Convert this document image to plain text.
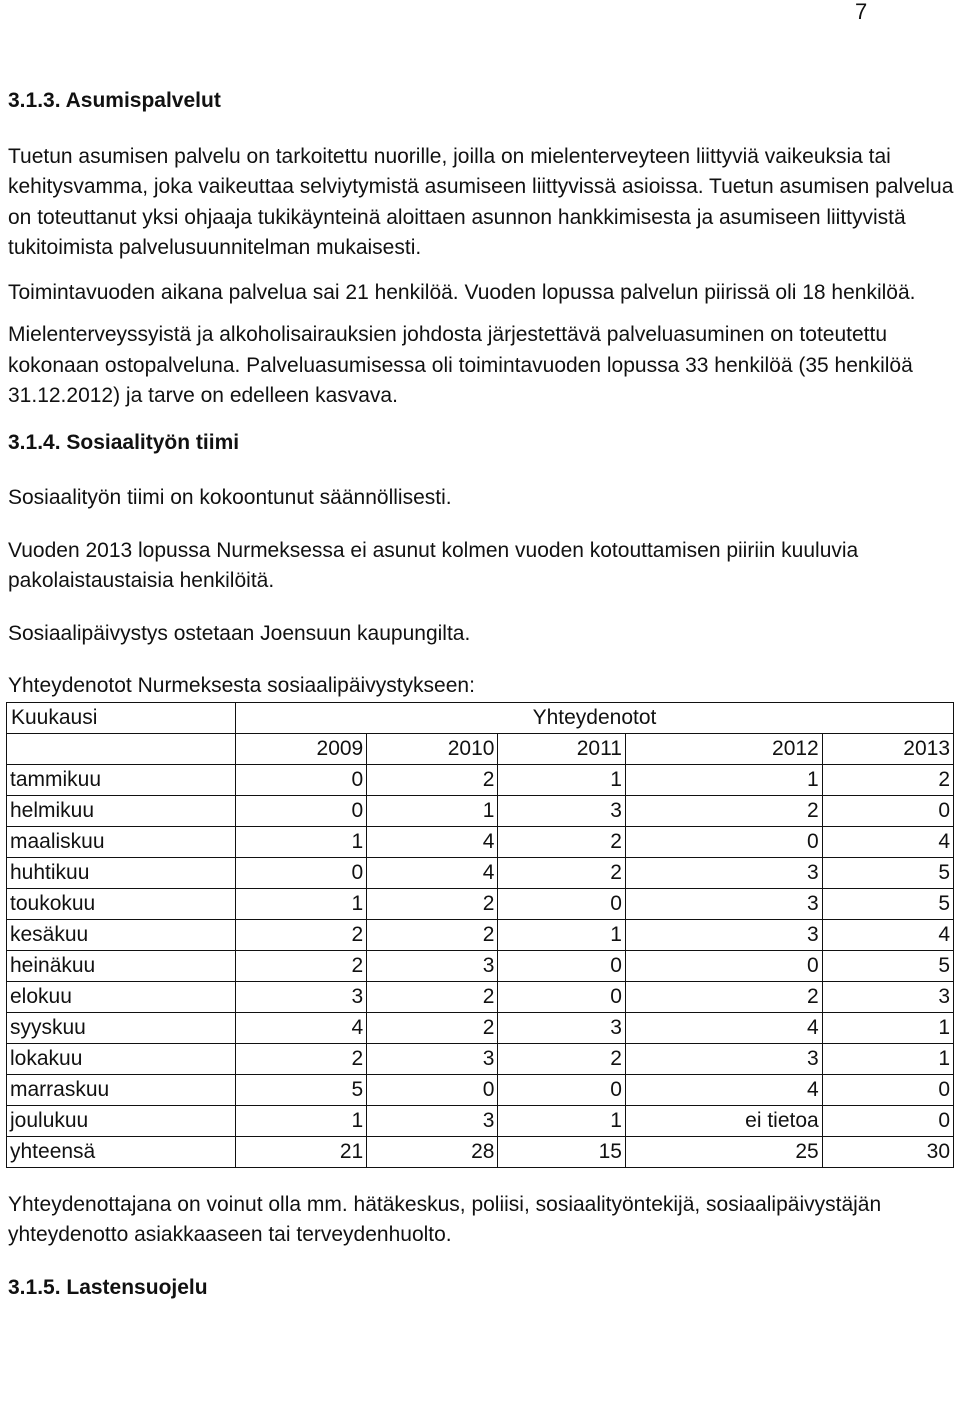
7
3.1.3. Asumispalvelut

Tuetun asumisen palvelu on tarkoitettu nuorille, joilla on mielenterveyteen liittyviä vaikeuksia tai kehitysvamma, joka vaikeuttaa selviytymistä asumiseen liittyvissä asioissa. Tuetun asumisen palvelua on toteuttanut yksi ohjaaja tukikäynteinä aloittaen asunnon hankkimisesta ja asumiseen liittyvistä tukitoimista palvelusuunnitelman mukaisesti.

Toimintavuoden aikana palvelua sai 21 henkilöä. Vuoden lopussa palvelun piirissä oli 18 henkilöä.

Mielenterveyssyistä ja alkoholisairauksien johdosta järjestettävä palveluasuminen on toteutettu kokonaan ostopalveluna. Palveluasumisessa oli toimintavuoden lopussa 33 henkilöä (35 henkilöä 31.12.2012) ja tarve on edelleen kasvava.

3.1.4. Sosiaalityön tiimi

Sosiaalityön tiimi on kokoontunut säännöllisesti.

Vuoden 2013 lopussa Nurmeksessa ei asunut kolmen vuoden kotouttamisen piiriin kuuluvia pakolaistaustaisia henkilöitä.

Sosiaalipäivystys ostetaan Joensuun kaupungilta.

Yhteydenotot Nurmeksesta sosiaalipäivystykseen:

Kuukausi	Yhteydenotot				
	2009	2010	2011	2012	2013
tammikuu	0	2	1	1	2
helmikuu	0	1	3	2	0
maaliskuu	1	4	2	0	4
huhtikuu	0	4	2	3	5
toukokuu	1	2	0	3	5
kesäkuu	2	2	1	3	4
heinäkuu	2	3	0	0	5
elokuu	3	2	0	2	3
syyskuu	4	2	3	4	1
lokakuu	2	3	2	3	1
marraskuu	5	0	0	4	0
joulukuu	1	3	1	ei tietoa	0
yhteensä	21	28	15	25	30

Yhteydenottajana on voinut olla mm. hätäkeskus, poliisi, sosiaalityöntekijä, sosiaalipäivystäjän yhteydenotto asiakkaaseen tai terveydenhuolto.

3.1.5. Lastensuojelu
